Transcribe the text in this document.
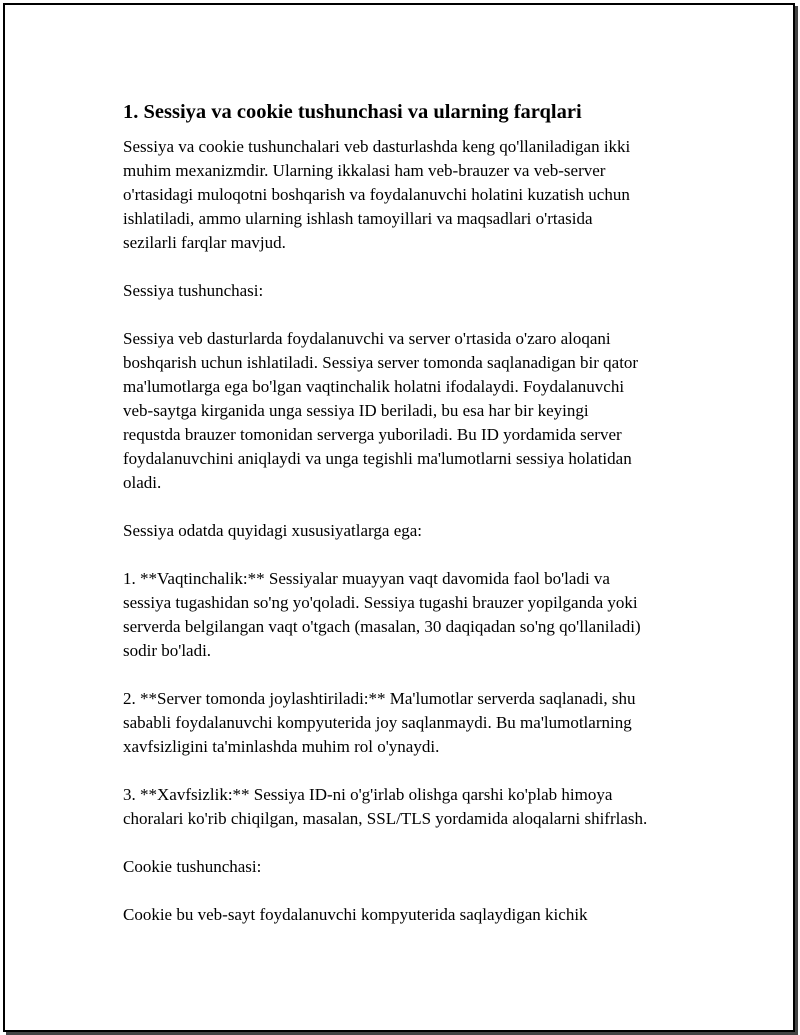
1. Sessiya va cookie tushunchasi va ularning farqlari

Sessiya va cookie tushunchalari veb dasturlashda keng qo'llaniladigan ikki

muhim mexanizmdir. Ularning ikkalasi ham veb-brauzer va veb-server

o'rtasidagi muloqotni boshqarish va foydalanuvchi holatini kuzatish uchun

ishlatiladi, ammo ularning ishlash tamoyillari va maqsadlari o'rtasida

sezilarli farqlar mavjud.

Sessiya tushunchasi:

Sessiya veb dasturlarda foydalanuvchi va server o'rtasida o'zaro aloqani

boshqarish uchun ishlatiladi. Sessiya server tomonda saqlanadigan bir qator

ma'lumotlarga ega bo'lgan vaqtinchalik holatni ifodalaydi. Foydalanuvchi

veb-saytga kirganida unga sessiya ID beriladi, bu esa har bir keyingi

requstda brauzer tomonidan serverga yuboriladi. Bu ID yordamida server

foydalanuvchini aniqlaydi va unga tegishli ma'lumotlarni sessiya holatidan

oladi.

Sessiya odatda quyidagi xususiyatlarga ega:

1. **Vaqtinchalik:** Sessiyalar muayyan vaqt davomida faol bo'ladi va

sessiya tugashidan so'ng yo'qoladi. Sessiya tugashi brauzer yopilganda yoki

serverda belgilangan vaqt o'tgach (masalan, 30 daqiqadan so'ng qo'llaniladi)

sodir bo'ladi.

2. **Server tomonda joylashtiriladi:** Ma'lumotlar serverda saqlanadi, shu

sababli foydalanuvchi kompyuterida joy saqlanmaydi. Bu ma'lumotlarning

xavfsizligini ta'minlashda muhim rol o'ynaydi.

3. **Xavfsizlik:** Sessiya ID-ni o'g'irlab olishga qarshi ko'plab himoya

choralari ko'rib chiqilgan, masalan, SSL/TLS yordamida aloqalarni shifrlash.

Cookie tushunchasi:

Cookie bu veb-sayt foydalanuvchi kompyuterida saqlaydigan kichik
